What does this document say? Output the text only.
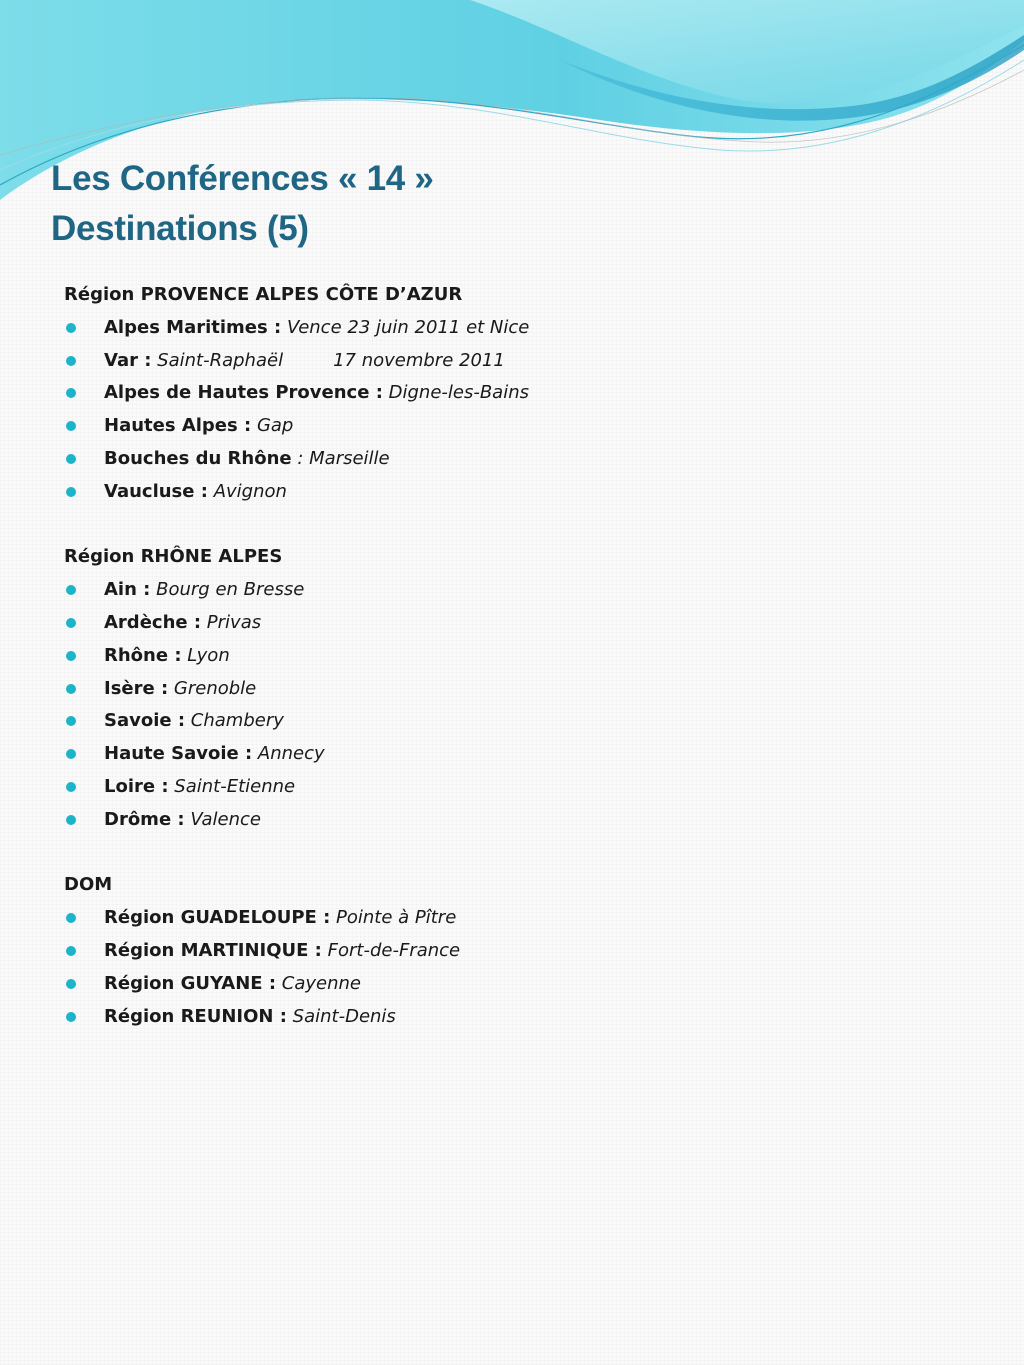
Les Conférences « 14 »
Destinations (5)
Région PROVENCE ALPES CÔTE D’AZUR
Alpes Maritimes : Vence 23 juin 2011 et Nice
Var : Saint-Raphaël	17 novembre 2011
Alpes de Hautes Provence : Digne-les-Bains
Hautes Alpes : Gap
Bouches du Rhône : Marseille
Vaucluse : Avignon
Région RHÔNE ALPES
Ain : Bourg en Bresse
Ardèche : Privas
Rhône : Lyon
Isère : Grenoble
Savoie : Chambery
Haute Savoie : Annecy
Loire : Saint-Etienne
Drôme : Valence
DOM
Région GUADELOUPE : Pointe à Pître
Région MARTINIQUE : Fort-de-France
Région GUYANE : Cayenne
Région REUNION : Saint-Denis
